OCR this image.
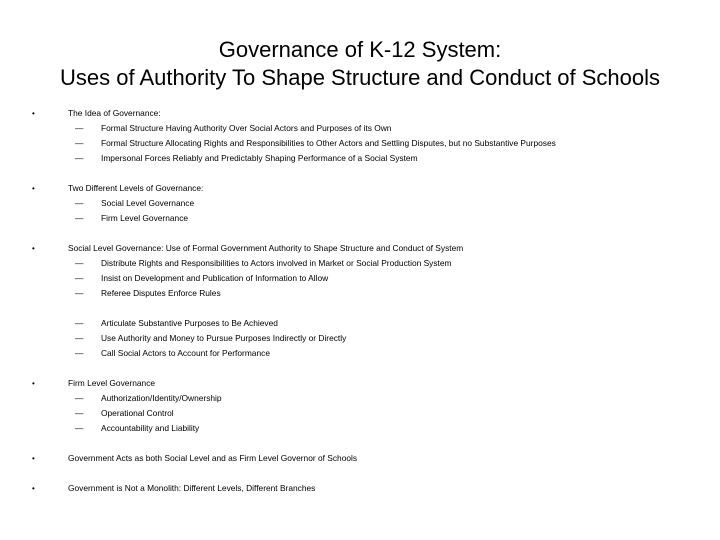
Governance of K-12 System:
Uses of Authority To Shape Structure and Conduct of Schools
•	The Idea of Governance:
— Formal Structure Having Authority Over Social Actors and Purposes of its Own
— Formal Structure Allocating Rights and Responsibilities to Other Actors and Settling Disputes, but no Substantive Purposes
— Impersonal Forces Reliably and Predictably Shaping Performance of a Social System
•	Two Different Levels of Governance:
— Social Level Governance
— Firm Level Governance
•	Social Level Governance: Use of Formal Government Authority to Shape Structure and Conduct of System
— Distribute Rights and Responsibilities to Actors involved in Market or Social Production System
— Insist on Development and Publication of Information to Allow
— Referee Disputes Enforce Rules
— Articulate Substantive Purposes to Be Achieved
— Use Authority and Money to Pursue Purposes Indirectly or Directly
— Call Social Actors to Account for Performance
•	Firm Level Governance
— Authorization/Identity/Ownership
— Operational Control
— Accountability and Liability
•	Government Acts as both Social Level and as Firm Level Governor of Schools
•	Government is Not a Monolith: Different Levels, Different Branches
